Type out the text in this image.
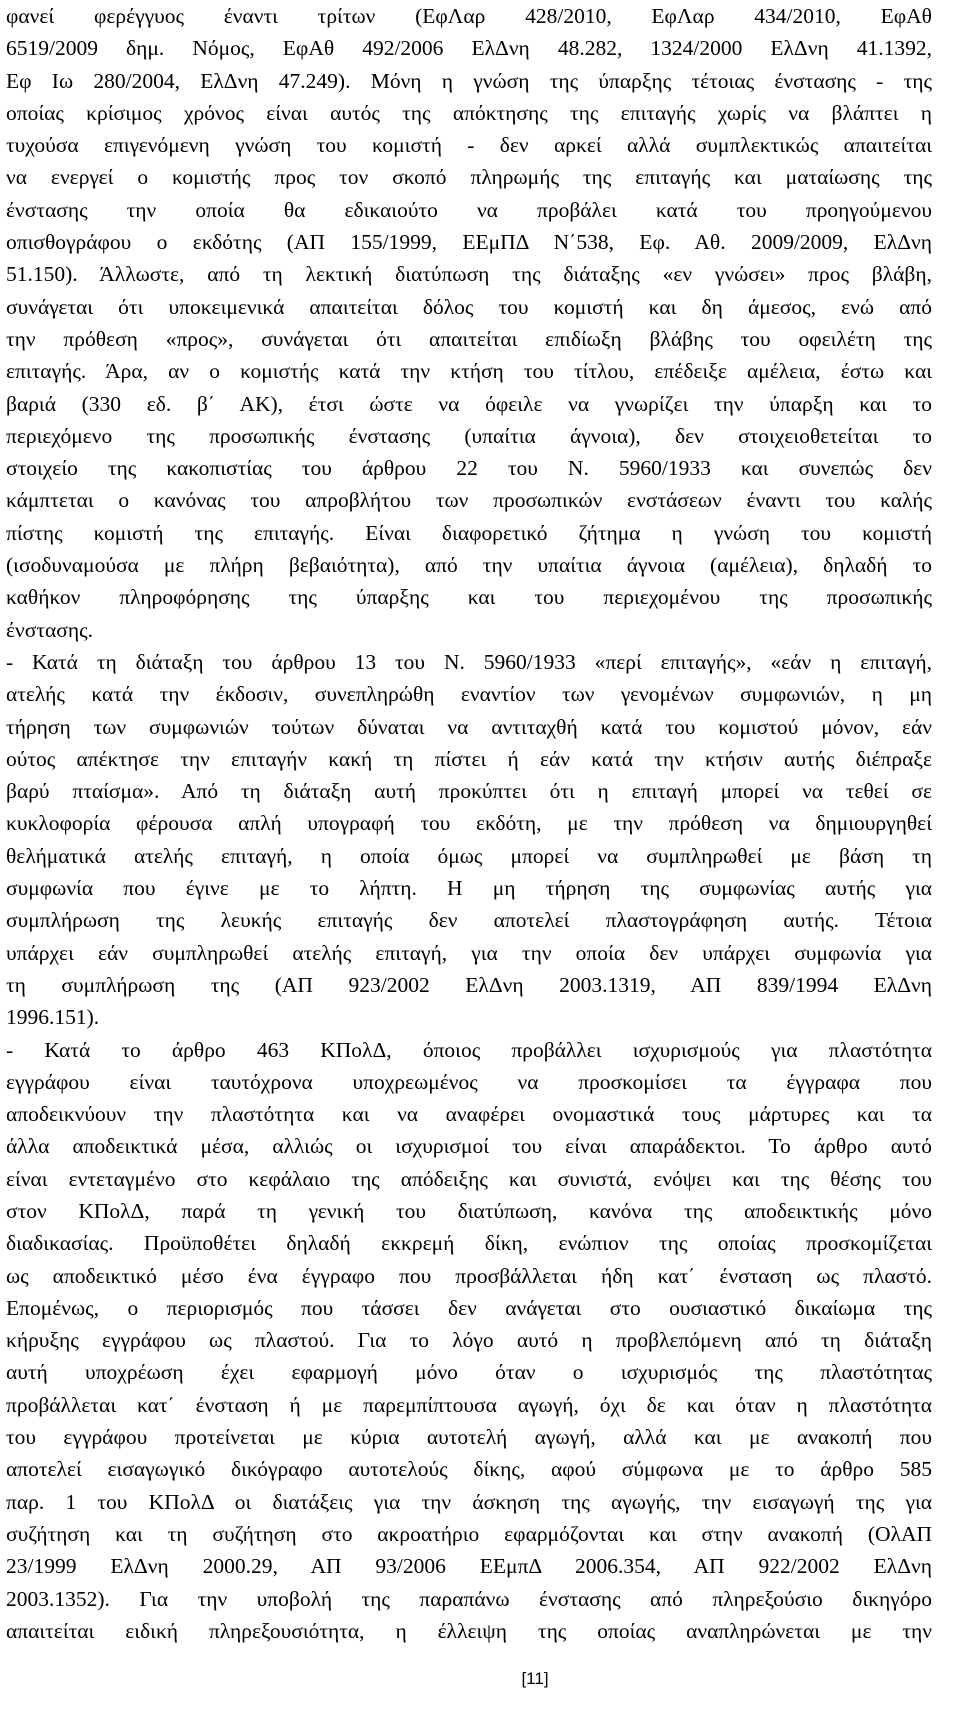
φανεί φερέγγυος έναντι τρίτων (ΕφΛαρ 428/2010, ΕφΛαρ 434/2010, ΕφΑθ
6519/2009 δημ. Νόμος, ΕφΑθ 492/2006 ΕλΔνη 48.282, 1324/2000 ΕλΔνη 41.1392,
Εφ Ιω 280/2004, ΕλΔνη 47.249). Μόνη η γνώση της ύπαρξης τέτοιας ένστασης - της
οποίας κρίσιμος χρόνος είναι αυτός της απόκτησης της επιταγής χωρίς να βλάπτει η
τυχούσα επιγενόμενη γνώση του κομιστή - δεν αρκεί αλλά συμπλεκτικώς απαιτείται
να ενεργεί ο κομιστής προς τον σκοπό πληρωμής της επιταγής και ματαίωσης της
ένστασης την οποία θα εδικαιούτο να προβάλει κατά του προηγούμενου
οπισθογράφου ο εκδότης (ΑΠ 155/1999, ΕΕμΠΔ Ν΄538, Εφ. Αθ. 2009/2009, ΕλΔνη
51.150). Άλλωστε, από τη λεκτική διατύπωση της διάταξης «εν γνώσει» προς βλάβη,
συνάγεται ότι υποκειμενικά απαιτείται δόλος του κομιστή και δη άμεσος, ενώ από
την πρόθεση «προς», συνάγεται ότι απαιτείται επιδίωξη βλάβης του οφειλέτη της
επιταγής. Άρα, αν ο κομιστής κατά την κτήση του τίτλου, επέδειξε αμέλεια, έστω και
βαριά (330 εδ. β΄ ΑΚ), έτσι ώστε να όφειλε να γνωρίζει την ύπαρξη και το
περιεχόμενο της προσωπικής ένστασης (υπαίτια άγνοια), δεν στοιχειοθετείται το
στοιχείο της κακοπιστίας του άρθρου 22 του Ν. 5960/1933 και συνεπώς δεν
κάμπτεται ο κανόνας του απροβλήτου των προσωπικών ενστάσεων έναντι του καλής
πίστης κομιστή της επιταγής. Είναι διαφορετικό ζήτημα η γνώση του κομιστή
(ισοδυναμούσα με πλήρη βεβαιότητα), από την υπαίτια άγνοια (αμέλεια), δηλαδή το
καθήκον πληροφόρησης της ύπαρξης και του περιεχομένου της προσωπικής
ένστασης.
- Κατά τη διάταξη του άρθρου 13 του Ν. 5960/1933 «περί επιταγής», «εάν η επιταγή,
ατελής κατά την έκδοσιν, συνεπληρώθη εναντίον των γενομένων συμφωνιών, η μη
τήρηση των συμφωνιών τούτων δύναται να αντιταχθή κατά του κομιστού μόνον, εάν
ούτος απέκτησε την επιταγήν κακή τη πίστει ή εάν κατά την κτήσιν αυτής διέπραξε
βαρύ πταίσμα». Από τη διάταξη αυτή προκύπτει ότι η επιταγή μπορεί να τεθεί σε
κυκλοφορία φέρουσα απλή υπογραφή του εκδότη, με την πρόθεση να δημιουργηθεί
θελήματικά ατελής επιταγή, η οποία όμως μπορεί να συμπληρωθεί με βάση τη
συμφωνία που έγινε με το λήπτη. Η μη τήρηση της συμφωνίας αυτής για
συμπλήρωση της λευκής επιταγής δεν αποτελεί πλαστογράφηση αυτής. Τέτοια
υπάρχει εάν συμπληρωθεί ατελής επιταγή, για την οποία δεν υπάρχει συμφωνία για
τη συμπλήρωση της (ΑΠ 923/2002 ΕλΔνη 2003.1319, ΑΠ 839/1994 ΕλΔνη
1996.151).
- Κατά το άρθρο 463 ΚΠολΔ, όποιος προβάλλει ισχυρισμούς για πλαστότητα
εγγράφου είναι ταυτόχρονα υποχρεωμένος να προσκομίσει τα έγγραφα που
αποδεικνύουν την πλαστότητα και να αναφέρει ονομαστικά τους μάρτυρες και τα
άλλα αποδεικτικά μέσα, αλλιώς οι ισχυρισμοί του είναι απαράδεκτοι. Το άρθρο αυτό
είναι εντεταγμένο στο κεφάλαιο της απόδειξης και συνιστά, ενόψει και της θέσης του
στον ΚΠολΔ, παρά τη γενική του διατύπωση, κανόνα της αποδεικτικής μόνο
διαδικασίας. Προϋποθέτει δηλαδή εκκρεμή δίκη, ενώπιον της οποίας προσκομίζεται
ως αποδεικτικό μέσο ένα έγγραφο που προσβάλλεται ήδη κατ΄ ένσταση ως πλαστό.
Επομένως, ο περιορισμός που τάσσει δεν ανάγεται στο ουσιαστικό δικαίωμα της
κήρυξης εγγράφου ως πλαστού. Για το λόγο αυτό η προβλεπόμενη από τη διάταξη
αυτή υποχρέωση έχει εφαρμογή μόνο όταν ο ισχυρισμός της πλαστότητας
προβάλλεται κατ΄ ένσταση ή με παρεμπίπτουσα αγωγή, όχι δε και όταν η πλαστότητα
του εγγράφου προτείνεται με κύρια αυτοτελή αγωγή, αλλά και με ανακοπή που
αποτελεί εισαγωγικό δικόγραφο αυτοτελούς δίκης, αφού σύμφωνα με το άρθρο 585
παρ. 1 του ΚΠολΔ οι διατάξεις για την άσκηση της αγωγής, την εισαγωγή της για
συζήτηση και τη συζήτηση στο ακροατήριο εφαρμόζονται και στην ανακοπή (ΟλΑΠ
23/1999 ΕλΔνη 2000.29, ΑΠ 93/2006 ΕΕμπΔ 2006.354, ΑΠ 922/2002 ΕλΔνη
2003.1352). Για την υποβολή της παραπάνω ένστασης από πληρεξούσιο δικηγόρο
απαιτείται ειδική πληρεξουσιότητα, η έλλειψη της οποίας αναπληρώνεται με την
[11]
